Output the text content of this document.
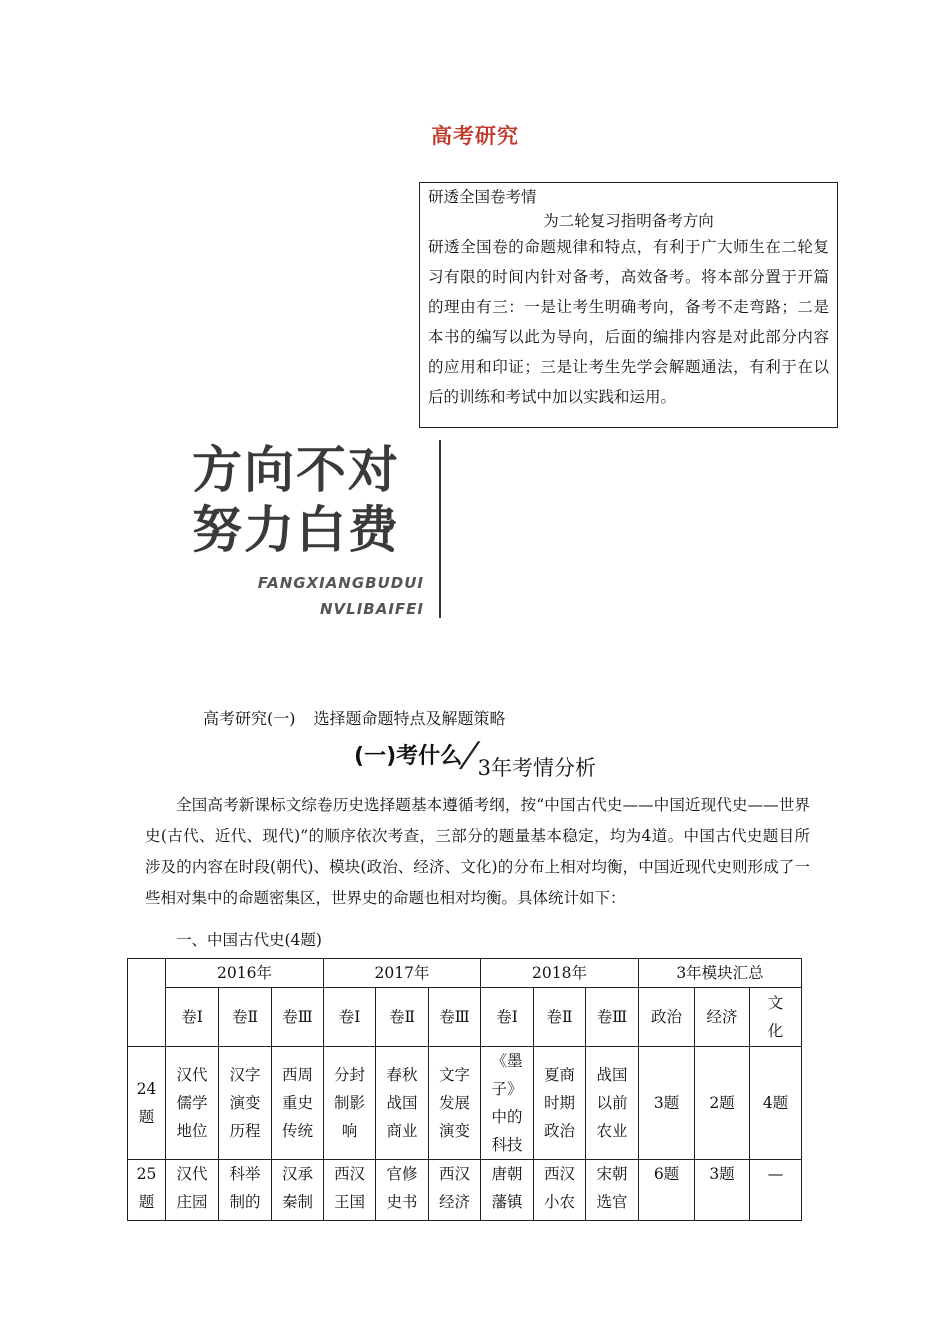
高考研究
研透全国卷考情
为二轮复习指明备考方向
研透全国卷的命题规律和特点，有利于广大师生在二轮复习有限的时间内针对备考，高效备考。将本部分置于开篇的理由有三：一是让考生明确考向，备考不走弯路；二是本书的编写以此为导向，后面的编排内容是对此部分内容的应用和印证；三是让考生先学会解题通法，有利于在以后的训练和考试中加以实践和运用。
方向不对
努力白费
FANGXIANGBUDUI
NVLIBAIFEI
高考研究(一) 选择题命题特点及解题策略
(一)考什么/3年考情分析
全国高考新课标文综卷历史选择题基本遵循考纲，按“中国古代史——中国近现代史——世界史(古代、近代、现代)”的顺序依次考查，三部分的题量基本稳定，均为4道。中国古代史题目所涉及的内容在时段(朝代)、模块(政治、经济、文化)的分布上相对均衡，中国近现代史则形成了一些相对集中的命题密集区，世界史的命题也相对均衡。具体统计如下：
一、中国古代史(4题)
	2016年			2017年			2018年			3年模块汇总		
	卷Ⅰ	卷Ⅱ	卷Ⅲ	卷Ⅰ	卷Ⅱ	卷Ⅲ	卷Ⅰ	卷Ⅱ	卷Ⅲ	政治	经济	文化
24题	汉代儒学地位	汉字演变历程	西周重史传统	分封制影响	春秋战国商业	文字发展演变	《墨子》中的科技	夏商时期政治	战国以前农业	3题	2题	4题
25题	汉代庄园	科举制的	汉承秦制	西汉王国	官修史书	西汉经济	唐朝藩镇	西汉小农	宋朝选官	6题	3题	—
